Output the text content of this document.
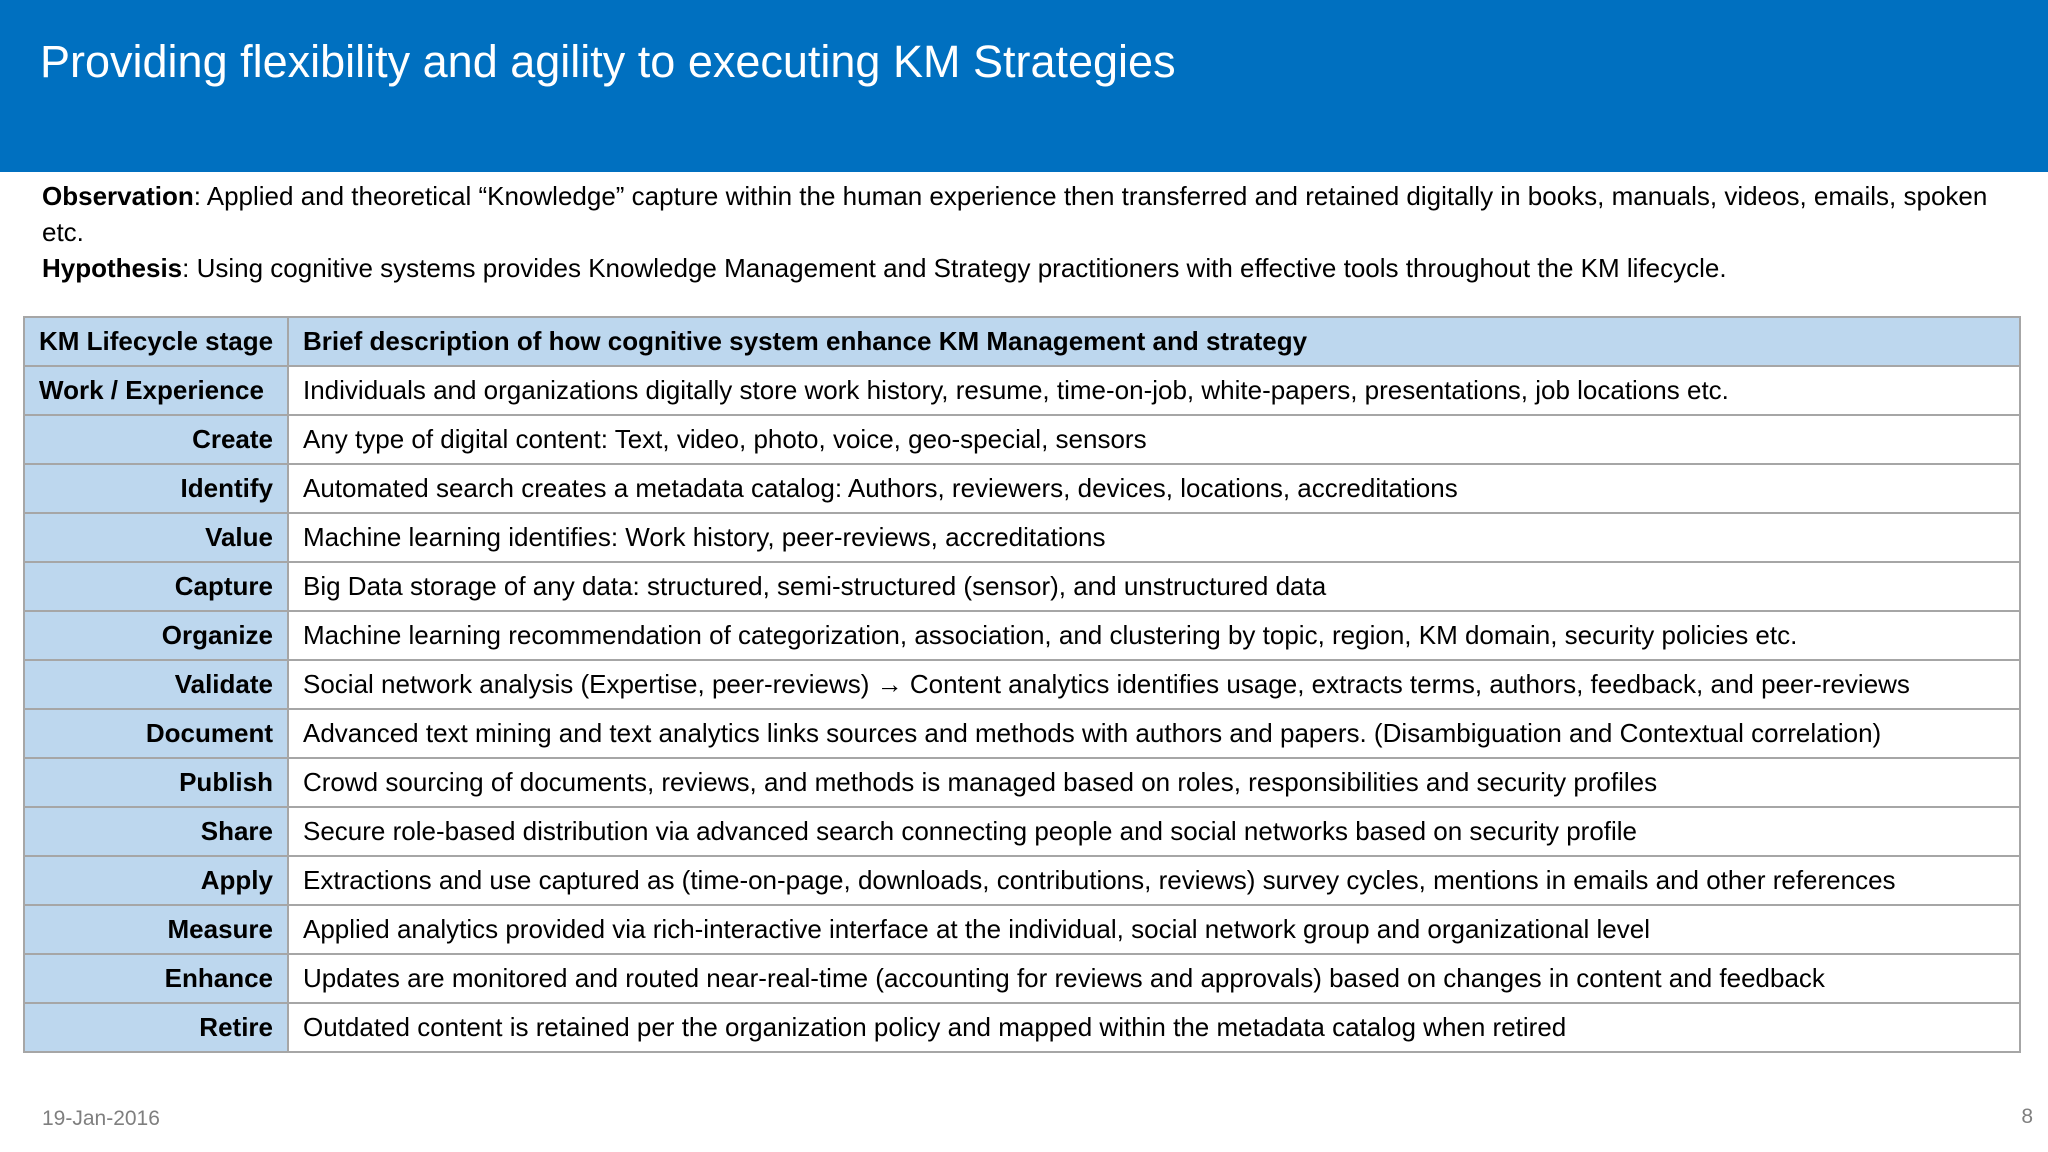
Providing flexibility and agility to executing KM Strategies
Observation: Applied and theoretical “Knowledge” capture within the human experience then transferred and retained digitally in books, manuals, videos, emails, spoken etc.
Hypothesis: Using cognitive systems provides Knowledge Management and Strategy practitioners with effective tools throughout the KM lifecycle.
KM Lifecycle stage	Brief description of how cognitive system enhance KM Management and strategy
Work / Experience	Individuals and organizations digitally store work history, resume, time-on-job, white-papers, presentations, job locations etc.
Create	Any type of digital content: Text, video, photo, voice, geo-special, sensors
Identify	Automated search creates a metadata catalog: Authors, reviewers, devices, locations, accreditations
Value	Machine learning identifies: Work history, peer-reviews, accreditations
Capture	Big Data storage of any data: structured, semi-structured (sensor), and unstructured data
Organize	Machine learning recommendation of categorization, association, and clustering by topic, region, KM domain, security policies etc.
Validate	Social network analysis (Expertise, peer-reviews) → Content analytics identifies usage, extracts terms, authors, feedback, and peer-reviews
Document	Advanced text mining and text analytics links sources and methods with authors and papers. (Disambiguation and Contextual correlation)
Publish	Crowd sourcing of documents, reviews, and methods is managed based on roles, responsibilities and security profiles
Share	Secure role-based distribution via advanced search connecting people and social networks based on security profile
Apply	Extractions and use captured as (time-on-page, downloads, contributions, reviews) survey cycles, mentions in emails and other references
Measure	Applied analytics provided via rich-interactive interface at the individual, social network group and organizational level
Enhance	Updates are monitored and routed near-real-time (accounting for reviews and approvals) based on changes in content and feedback
Retire	Outdated content is retained per the organization policy and mapped within the metadata catalog when retired
19-Jan-2016	8
